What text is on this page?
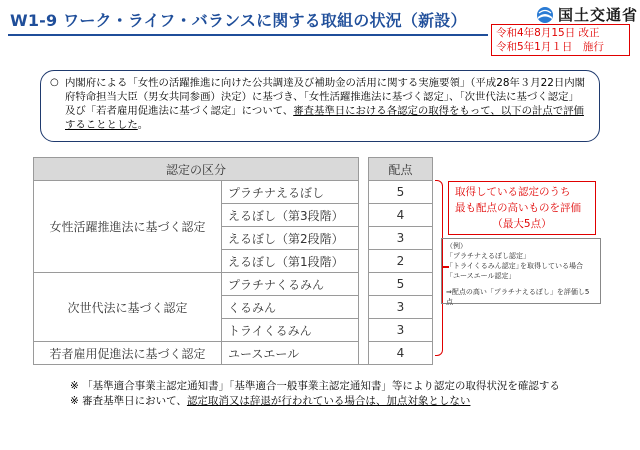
W1-9 ワーク・ライフ・バランスに関する取組の状況（新設）	国土交通省
令和4年8月15日 改正
令和5年1月１日　施行
○ 内閣府による「女性の活躍推進に向けた公共調達及び補助金の活用に関する実施要領」（平成28年３月22日内閣府特命担当大臣（男女共同参画）決定）に基づき、「女性活躍推進法に基づく認定」、「次世代法に基づく認定」及び「若者雇用促進法に基づく認定」について、審査基準日における各認定の取得をもって、以下の計点で評価することとした。
認定の区分			配点
女性活躍推進法に基づく認定	プラチナえるぼし		5
	えるぼし（第3段階）		4
	えるぼし（第2段階）		3
	えるぼし（第1段階）		2
次世代法に基づく認定	プラチナくるみん		5
	くるみん		3
	トライくるみん		3
若者雇用促進法に基づく認定	ユースエール		4
取得している認定のうち
最も配点の高いものを評価
（最大5点）
（例）
「プラチナえるぼし認定」
「トライくるみん認定」
を取得している場合
「ユースエール認定」
⇒配点の高い「プラチナえるぼし」を評価し5点
※ 「基準適合事業主認定通知書」「基準適合一般事業主認定通知書」等により認定の取得状況を確認する
※ 審査基準日において、認定取消又は辞退が行われている場合は、加点対象としない
